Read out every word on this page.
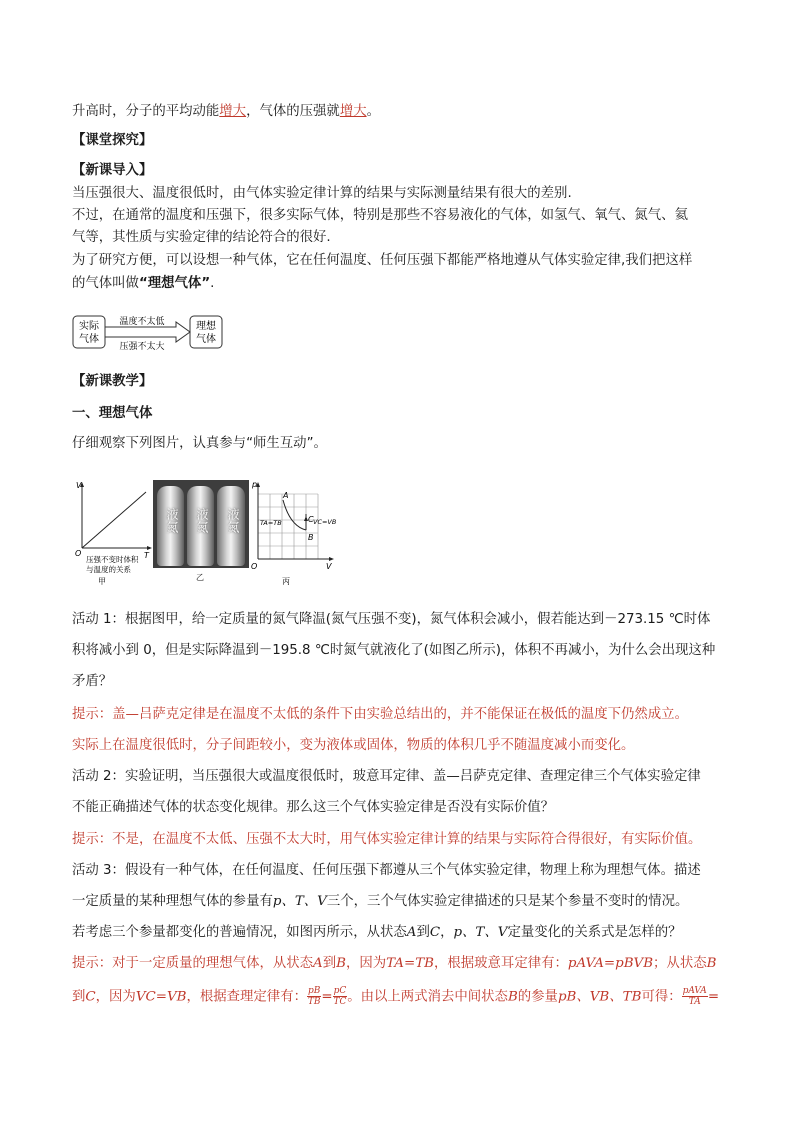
升高时，分子的平均动能增大，气体的压强就增大。
【课堂探究】
【新课导入】
当压强很大、温度很低时，由气体实验定律计算的结果与实际测量结果有很大的差别.
不过，在通常的温度和压强下，很多实际气体，特别是那些不容易液化的气体，如氢气、氧气、氮气、氦
气等，其性质与实验定律的结论符合的很好.
为了研究方便，可以设想一种气体，它在任何温度、任何压强下都能严格地遵从气体实验定律,我们把这样
的气体叫做“理想气体”.
实际
气体
温度不太低
压强不太大
理想
气体
【新课教学】
一、理想气体
仔细观察下列图片，认真参与“师生互动”。
V
T
O
压强不变时体积
与温度的关系
甲
液氮 液氮 液氮
乙
A
B
C
TA=TB	VC=VB
p
V
O
丙
活动 1：根据图甲，给一定质量的氮气降温(氮气压强不变)，氮气体积会减小，假若能达到－273.15 ℃时体
积将减小到 0，但是实际降温到－195.8 ℃时氮气就液化了(如图乙所示)，体积不再减小，为什么会出现这种
矛盾？
提示：盖—吕萨克定律是在温度不太低的条件下由实验总结出的，并不能保证在极低的温度下仍然成立。
实际上在温度很低时，分子间距较小，变为液体或固体，物质的体积几乎不随温度减小而变化。
活动 2：实验证明，当压强很大或温度很低时，玻意耳定律、盖—吕萨克定律、查理定律三个气体实验定律
不能正确描述气体的状态变化规律。那么这三个气体实验定律是否没有实际价值？
提示：不是，在温度不太低、压强不太大时，用气体实验定律计算的结果与实际符合得很好，有实际价值。
活动 3：假设有一种气体，在任何温度、任何压强下都遵从三个气体实验定律，物理上称为理想气体。描述
一定质量的某种理想气体的参量有p、T、V三个，三个气体实验定律描述的只是某个参量不变时的情况。
若考虑三个参量都变化的普遍情况，如图丙所示，从状态A到C，p、T、V定量变化的关系式是怎样的？
提示：对于一定质量的理想气体，从状态A到B，因为TA=TB，根据玻意耳定律有：pAVA=pBVB；从状态B
到C，因为VC=VB，根据查理定律有： $\frac{pB}{TB} = \frac{pC}{TC}$ 。由以上两式消去中间状态B的参量pB、VB、TB可得： $\frac{\text{pAVA}}{TA}$ =
